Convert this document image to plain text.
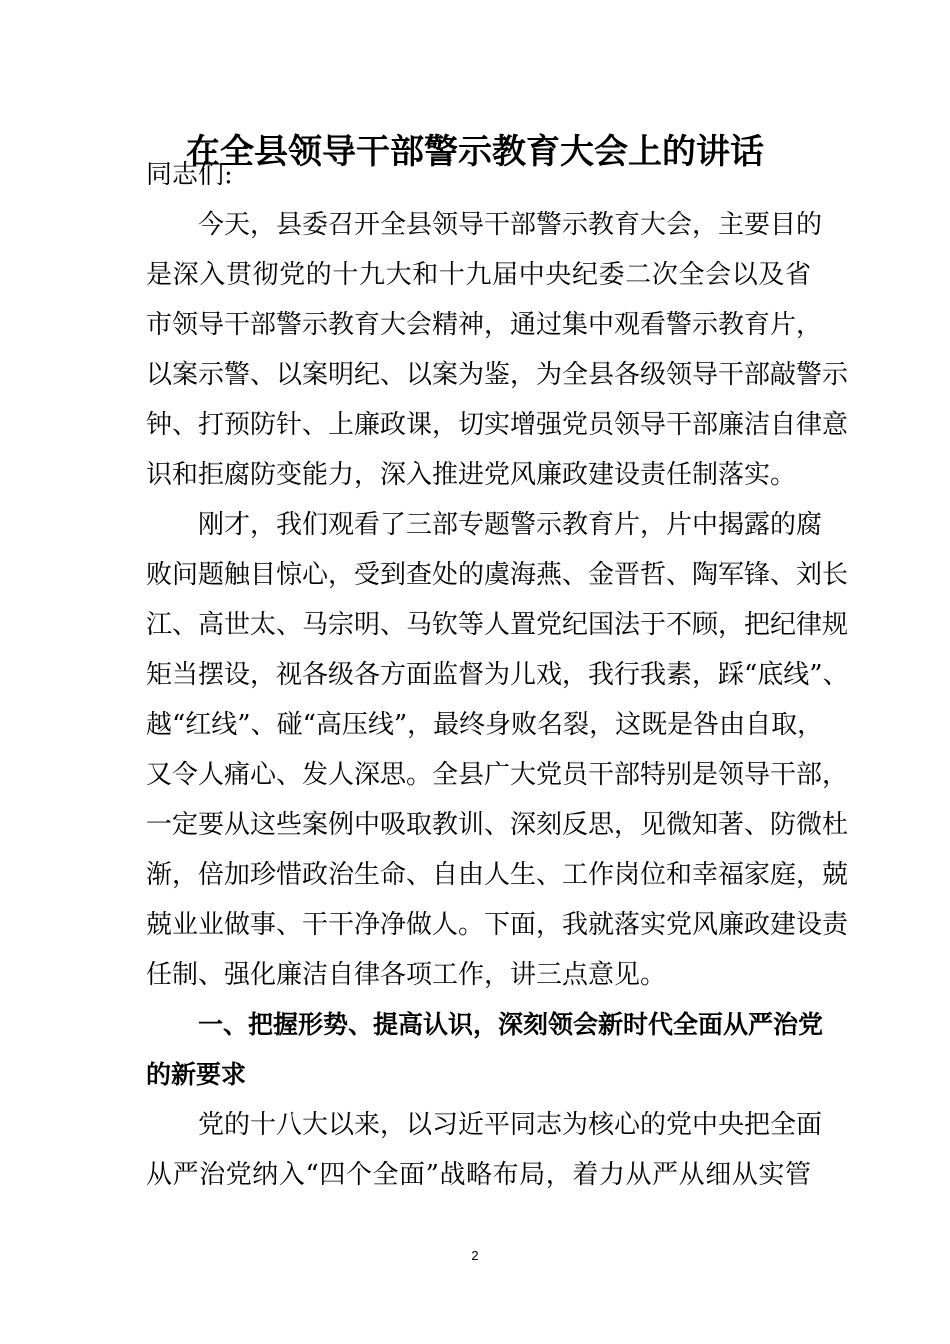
在全县领导干部警示教育大会上的讲话
同志们:
今天，县委召开全县领导干部警示教育大会，主要目的
是深入贯彻党的十九大和十九届中央纪委二次全会以及省
市领导干部警示教育大会精神，通过集中观看警示教育片，
以案示警、以案明纪、以案为鉴，为全县各级领导干部敲警示
钟、打预防针、上廉政课，切实增强党员领导干部廉洁自律意
识和拒腐防变能力，深入推进党风廉政建设责任制落实。
刚才，我们观看了三部专题警示教育片，片中揭露的腐
败问题触目惊心，受到查处的虞海燕、金晋哲、陶军锋、刘长
江、高世太、马宗明、马钦等人置党纪国法于不顾，把纪律规
矩当摆设，视各级各方面监督为儿戏，我行我素，踩“底线”、
越“红线”、碰“高压线”，最终身败名裂，这既是咎由自取，
又令人痛心、发人深思。全县广大党员干部特别是领导干部，
一定要从这些案例中吸取教训、深刻反思，见微知著、防微杜
渐，倍加珍惜政治生命、自由人生、工作岗位和幸福家庭，兢
兢业业做事、干干净净做人。下面，我就落实党风廉政建设责
任制、强化廉洁自律各项工作，讲三点意见。
一、把握形势、提高认识，深刻领会新时代全面从严治党
的新要求
党的十八大以来，以习近平同志为核心的党中央把全面
从严治党纳入“四个全面”战略布局，着力从严从细从实管
2
